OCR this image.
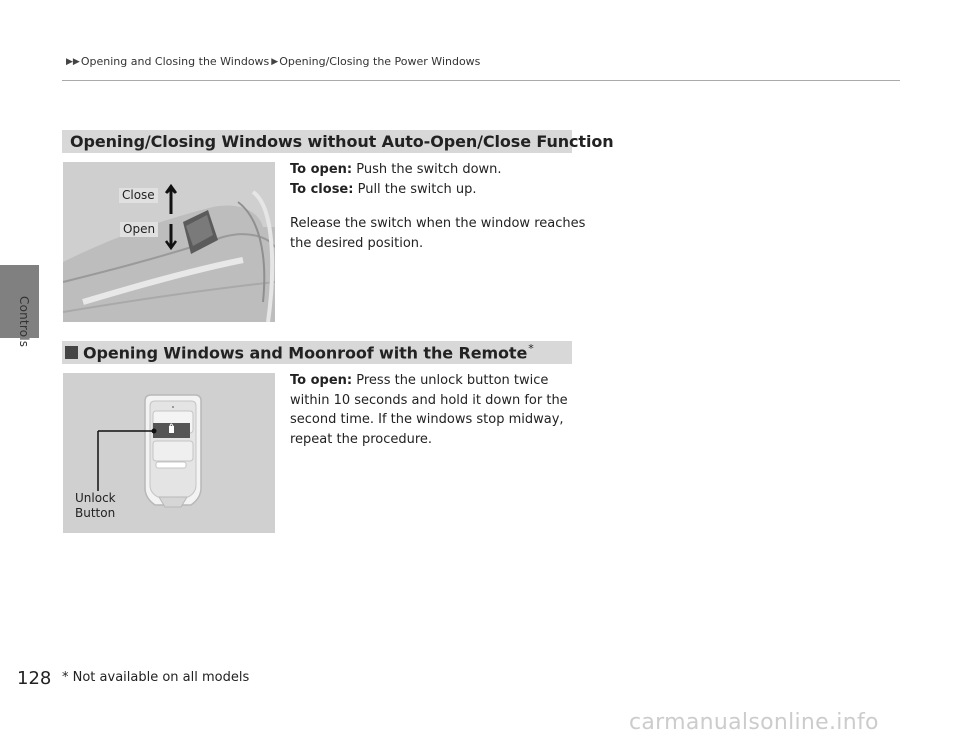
Controls
▶▶ Opening and Closing the Windows ▶ Opening/Closing the Power Windows
Opening/Closing Windows without Auto-Open/Close Function
Close
Open
To open: Push the switch down.
To close: Pull the switch up.
Release the switch when the window reaches
the desired position.
Opening Windows and Moonroof with the Remote*
Unlock
Button
To open: Press the unlock button twice
within 10 seconds and hold it down for the
second time. If the windows stop midway,
repeat the procedure.
128 * Not available on all models
carmanualsonline.info
